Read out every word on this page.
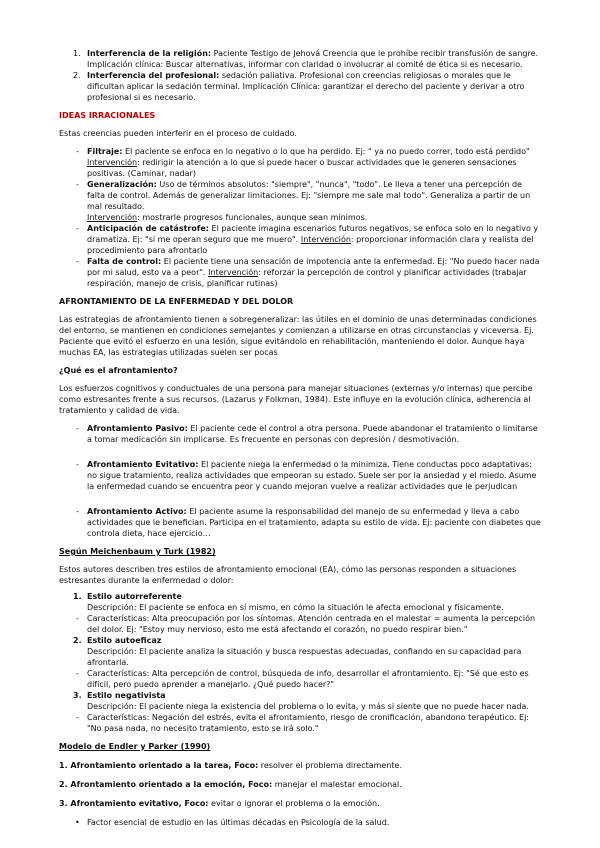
1. Interferencia de la religión: Paciente Testigo de Jehová Creencia que le prohíbe recibir transfusión de sangre. Implicación clínica: Buscar alternativas, informar con claridad o involucrar al comité de ética si es necesario.
2. Interferencia del profesional: sedación paliativa. Profesional con creencias religiosas o morales que le dificultan aplicar la sedación terminal. Implicación Clínica: garantizar el derecho del paciente y derivar a otro profesional si es necesario.

IDEAS IRRACIONALES

Estas creencias pueden interferir en el proceso de cuidado.

- Filtraje: El paciente se enfoca en lo negativo o lo que ha perdido. Ej: " ya no puedo correr, todo está perdido"
Intervención: redirigir la atención a lo que sí puede hacer o buscar actividades que le generen sensaciones positivas. (Caminar, nadar)
- Generalización: Uso de términos absolutos: "siempre", "nunca", "todo". Le lleva a tener una percepción de falta de control. Además de generalizar limitaciones. Ej: "siempre me sale mal todo". Generaliza a partir de un mal resultado.
Intervención: mostrarle progresos funcionales, aunque sean mínimos.
- Anticipación de catástrofe: El paciente imagina escenarios futuros negativos, se enfoca solo en lo negativo y dramatiza. Ej: "si me operan seguro que me muero". Intervención: proporcionar información clara y realista del procedimiento para afrontarlo
- Falta de control: El paciente tiene una sensación de impotencia ante la enfermedad. Ej: "No puedo hacer nada por mi salud, esto va a peor". Intervención: reforzar la percepción de control y planificar actividades (trabajar respiración, manejo de crisis, planificar rutinas)

AFRONTAMIENTO DE LA ENFERMEDAD Y DEL DOLOR

Las estrategias de afrontamiento tienen a sobregeneralizar: las útiles en el dominio de unas determinadas condiciones del entorno, se mantienen en condiciones semejantes y comienzan a utilizarse en otras circunstancias y viceversa. Ej. Paciente que evitó el esfuerzo en una lesión, sigue evitándolo en rehabilitación, manteniendo el dolor. Aunque haya muchas EA, las estrategias utilizadas suelen ser pocas

¿Qué es el afrontamiento?

Los esfuerzos cognitivos y conductuales de una persona para manejar situaciones (externas y/o internas) que percibe como estresantes frente a sus recursos. (Lazarus y Folkman, 1984). Este influye en la evolución clínica, adherencia al tratamiento y calidad de vida.

- Afrontamiento Pasivo: El paciente cede el control a otra persona. Puede abandonar el tratamiento o limitarse a tomar medicación sin implicarse. Es frecuente en personas con depresión / desmotivación.
- Afrontamiento Evitativo: El paciente niega la enfermedad o la minimiza. Tiene conductas poco adaptativas: no sigue tratamiento, realiza actividades que empeoran su estado. Suele ser por la ansiedad y el miedo. Asume la enfermedad cuando se encuentra peor y cuando mejoran vuelve a realizar actividades que le perjudican
- Afrontamiento Activo: El paciente asume la responsabilidad del manejo de su enfermedad y lleva a cabo actividades que le benefician. Participa en el tratamiento, adapta su estilo de vida. Ej: paciente con diabetes que controla dieta, hace ejercicio…

Según Meichenbaum y Turk (1982)

Estos autores describen tres estilos de afrontamiento emocional (EA), cómo las personas responden a situaciones estresantes durante la enfermedad o dolor:

1. Estilo autorreferente
Descripción: El paciente se enfoca en sí mismo, en cómo la situación le afecta emocional y físicamente.
- Características: Alta preocupación por los síntomas. Atención centrada en el malestar = aumenta la percepción del dolor. Ej: "Estoy muy nervioso, esto me está afectando el corazón, no puedo respirar bien."
2. Estilo autoeficaz
Descripción: El paciente analiza la situación y busca respuestas adecuadas, confiando en su capacidad para afrontarla.
- Características: Alta percepción de control, búsqueda de info, desarrollar el afrontamiento. Ej: "Sé que esto es difícil, pero puedo aprender a manejarlo. ¿Qué puedo hacer?"
3. Estilo negativista
Descripción: El paciente niega la existencia del problema o lo evita, y más si siente que no puede hacer nada.
- Características: Negación del estrés, evita el afrontamiento, riesgo de cronificación, abandono terapéutico. Ej: "No pasa nada, no necesito tratamiento, esto se irá solo."

Modelo de Endler y Parker (1990)

1. Afrontamiento orientado a la tarea, Foco: resolver el problema directamente.

2. Afrontamiento orientado a la emoción, Foco: manejar el malestar emocional.

3. Afrontamiento evitativo, Foco: evitar o ignorar el problema o la emoción.

• Factor esencial de estudio en las últimas décadas en Psicología de la salud.
